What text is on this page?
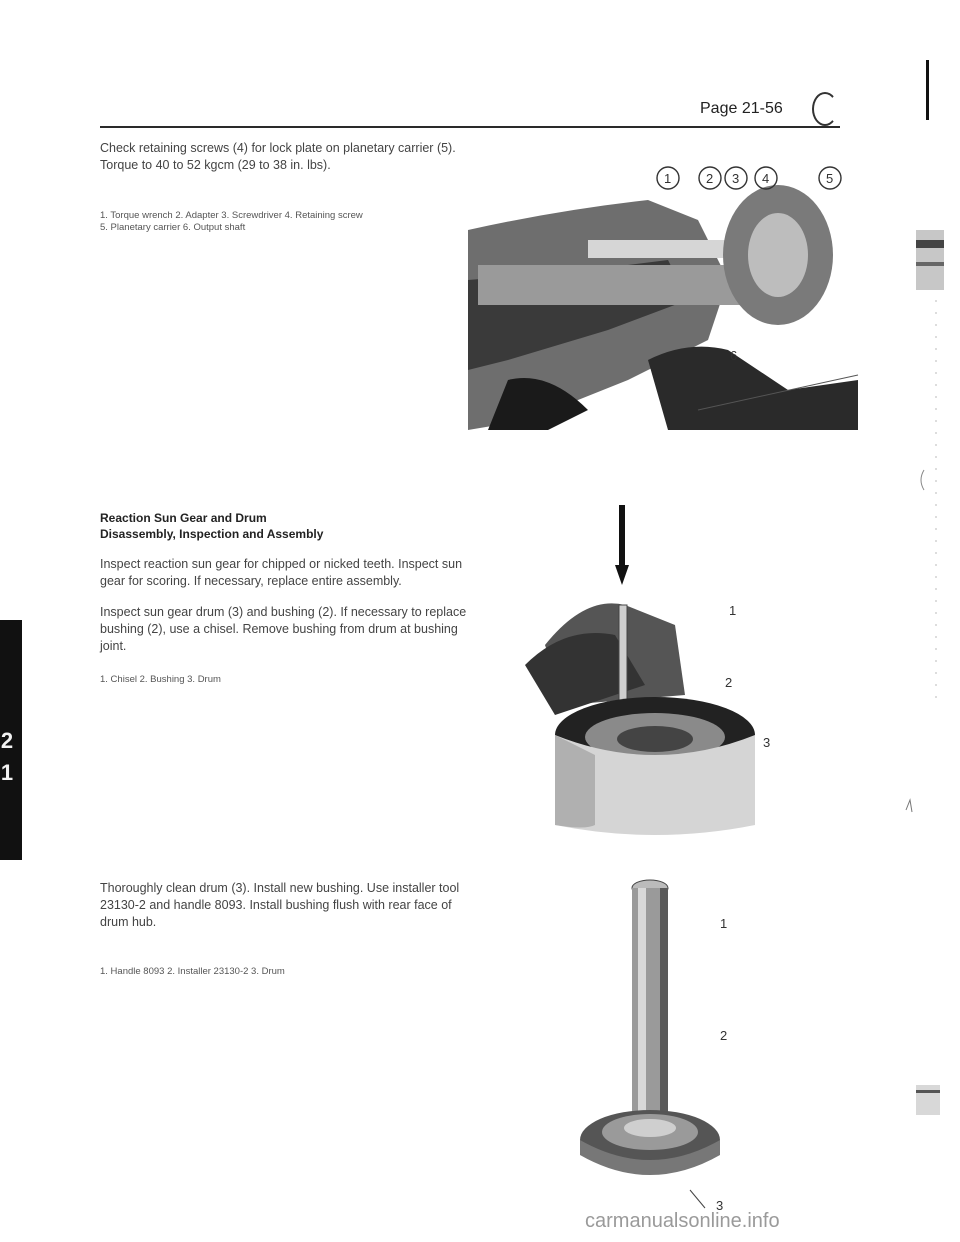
Page 21-56
Check retaining screws (4) for lock plate on planetary carrier (5). Torque to 40 to 52 kgcm (29 to 38 in. lbs).
1. Torque wrench 2. Adapter 3. Screwdriver 4. Retaining screw
5. Planetary carrier 6. Output shaft
1	2 3 4	5
6
Reaction Sun Gear and Drum
Disassembly, Inspection and Assembly
Inspect reaction sun gear for chipped or nicked teeth. Inspect sun gear for scoring. If necessary, replace entire assembly.
Inspect sun gear drum (3) and bushing (2). If necessary to replace bushing (2), use a chisel. Remove bushing from drum at bushing joint.
1. Chisel 2. Bushing 3. Drum
1
2
3
Thoroughly clean drum (3). Install new bushing. Use installer tool 23130-2 and handle 8093. Install bushing flush with rear face of drum hub.
1. Handle 8093 2. Installer 23130-2 3. Drum
1
2
3
2
1
carmanualsonline.info
